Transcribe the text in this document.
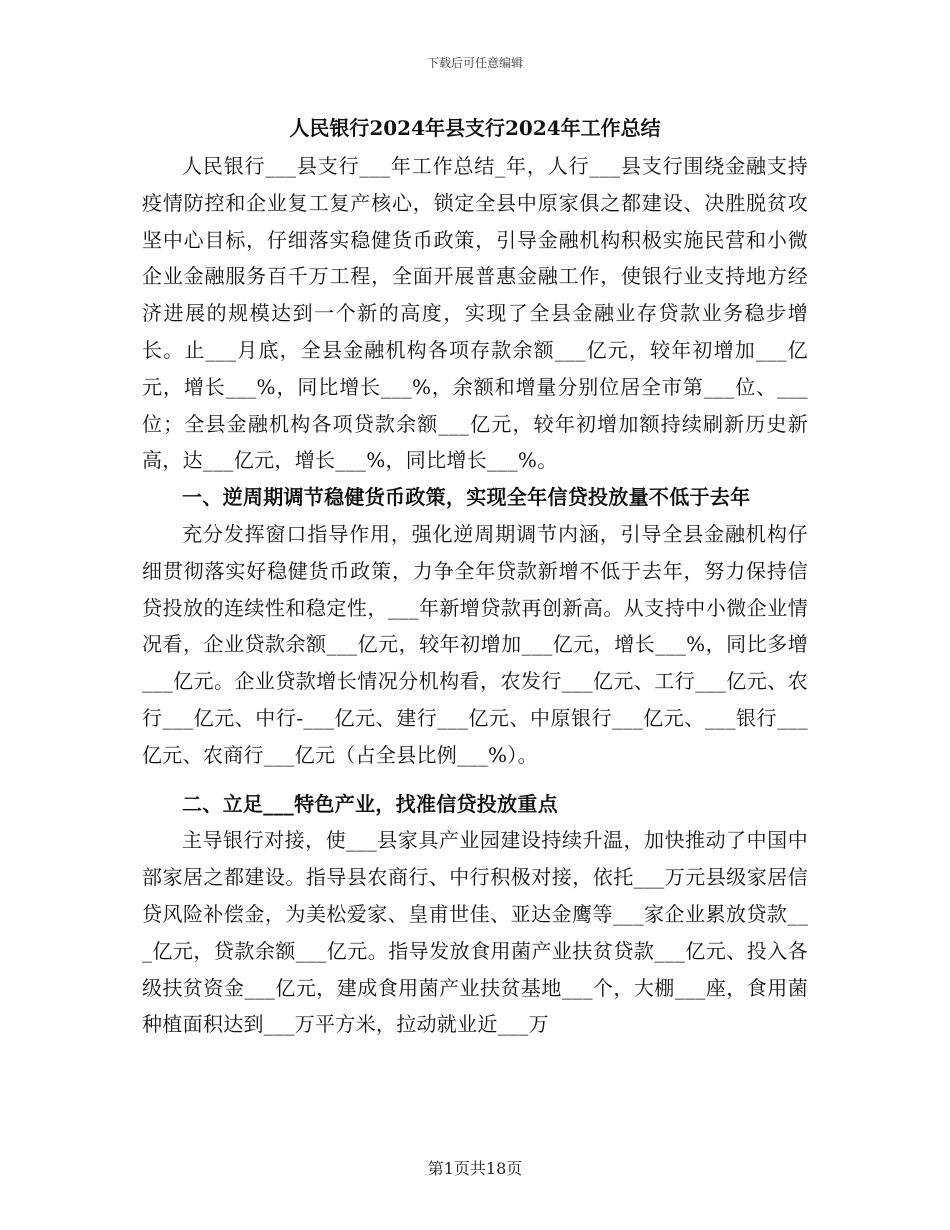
下载后可任意编辑
人民银行2024年县支行2024年工作总结

人民银行___县支行___年工作总结_年，人行___县支行围绕金融支持疫情防控和企业复工复产核心，锁定全县中原家俱之都建设、决胜脱贫攻坚中心目标，仔细落实稳健货币政策，引导金融机构积极实施民营和小微企业金融服务百千万工程，全面开展普惠金融工作，使银行业支持地方经济进展的规模达到一个新的高度，实现了全县金融业存贷款业务稳步增长。止___月底，全县金融机构各项存款余额___亿元，较年初增加___亿元，增长___%，同比增长___%，余额和增量分别位居全市第___位、___位；全县金融机构各项贷款余额___亿元，较年初增加额持续刷新历史新高，达___亿元，增长___%，同比增长___%。

一、逆周期调节稳健货币政策，实现全年信贷投放量不低于去年

充分发挥窗口指导作用，强化逆周期调节内涵，引导全县金融机构仔细贯彻落实好稳健货币政策，力争全年贷款新增不低于去年，努力保持信贷投放的连续性和稳定性，___年新增贷款再创新高。从支持中小微企业情况看，企业贷款余额___亿元，较年初增加___亿元，增长___%，同比多增___亿元。企业贷款增长情况分机构看，农发行___亿元、工行___亿元、农行___亿元、中行-___亿元、建行___亿元、中原银行___亿元、___银行___亿元、农商行___亿元（占全县比例___%）。

二、立足___特色产业，找准信贷投放重点

主导银行对接，使___县家具产业园建设持续升温，加快推动了中国中部家居之都建设。指导县农商行、中行积极对接，依托___万元县级家居信贷风险补偿金，为美松爱家、皇甫世佳、亚达金鹰等___家企业累放贷款___亿元，贷款余额___亿元。指导发放食用菌产业扶贫贷款___亿元、投入各级扶贫资金___亿元，建成食用菌产业扶贫基地___个，大棚___座，食用菌种植面积达到___万平方米，拉动就业近___万

第1页共18页
